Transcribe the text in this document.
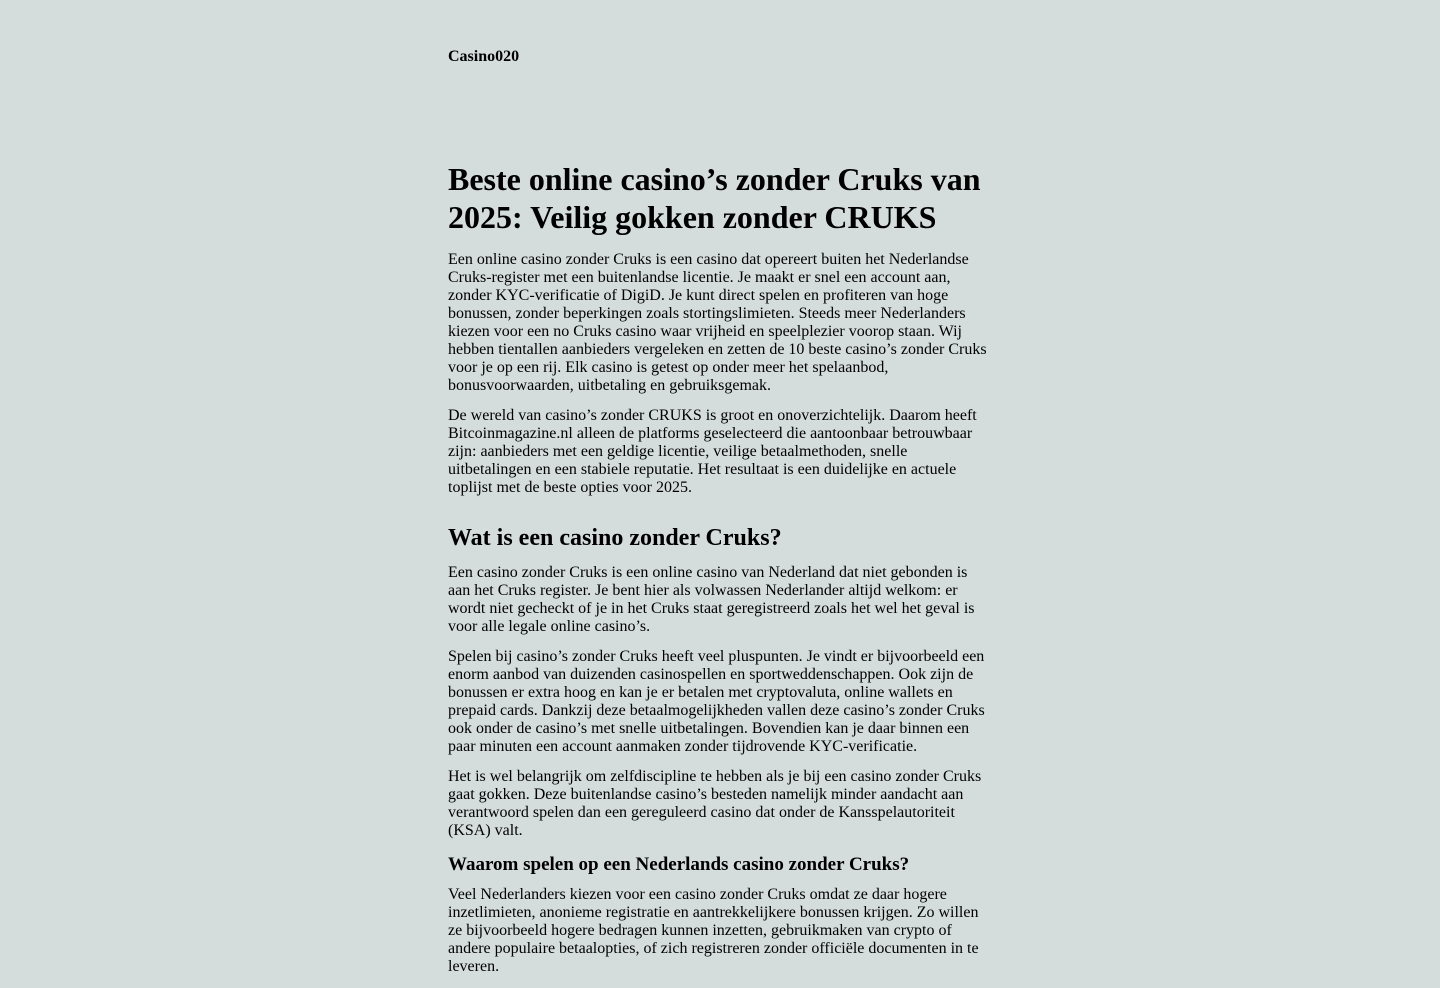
Casino020

Beste online casino’s zonder Cruks van 2025: Veilig gokken zonder CRUKS

Een online casino zonder Cruks is een casino dat opereert buiten het Nederlandse Cruks-register met een buitenlandse licentie. Je maakt er snel een account aan, zonder KYC-verificatie of DigiD. Je kunt direct spelen en profiteren van hoge bonussen, zonder beperkingen zoals stortingslimieten. Steeds meer Nederlanders kiezen voor een no Cruks casino waar vrijheid en speelplezier voorop staan. Wij hebben tientallen aanbieders vergeleken en zetten de 10 beste casino’s zonder Cruks voor je op een rij. Elk casino is getest op onder meer het spelaanbod, bonusvoorwaarden, uitbetaling en gebruiksgemak.

De wereld van casino’s zonder CRUKS is groot en onoverzichtelijk. Daarom heeft Bitcoinmagazine.nl alleen de platforms geselecteerd die aantoonbaar betrouwbaar zijn: aanbieders met een geldige licentie, veilige betaalmethoden, snelle uitbetalingen en een stabiele reputatie. Het resultaat is een duidelijke en actuele toplijst met de beste opties voor 2025.

Wat is een casino zonder Cruks?

Een casino zonder Cruks is een online casino van Nederland dat niet gebonden is aan het Cruks register. Je bent hier als volwassen Nederlander altijd welkom: er wordt niet gecheckt of je in het Cruks staat geregistreerd zoals het wel het geval is voor alle legale online casino’s.

Spelen bij casino’s zonder Cruks heeft veel pluspunten. Je vindt er bijvoorbeeld een enorm aanbod van duizenden casinospellen en sportweddenschappen. Ook zijn de bonussen er extra hoog en kan je er betalen met cryptovaluta, online wallets en prepaid cards. Dankzij deze betaalmogelijkheden vallen deze casino’s zonder Cruks ook onder de casino’s met snelle uitbetalingen. Bovendien kan je daar binnen een paar minuten een account aanmaken zonder tijdrovende KYC-verificatie.

Het is wel belangrijk om zelfdiscipline te hebben als je bij een casino zonder Cruks gaat gokken. Deze buitenlandse casino’s besteden namelijk minder aandacht aan verantwoord spelen dan een gereguleerd casino dat onder de Kansspelautoriteit (KSA) valt.

Waarom spelen op een Nederlands casino zonder Cruks?

Veel Nederlanders kiezen voor een casino zonder Cruks omdat ze daar hogere inzetlimieten, anonieme registratie en aantrekkelijkere bonussen krijgen. Zo willen ze bijvoorbeeld hogere bedragen kunnen inzetten, gebruikmaken van crypto of andere populaire betaalopties, of zich registreren zonder officiële documenten in te leveren.
